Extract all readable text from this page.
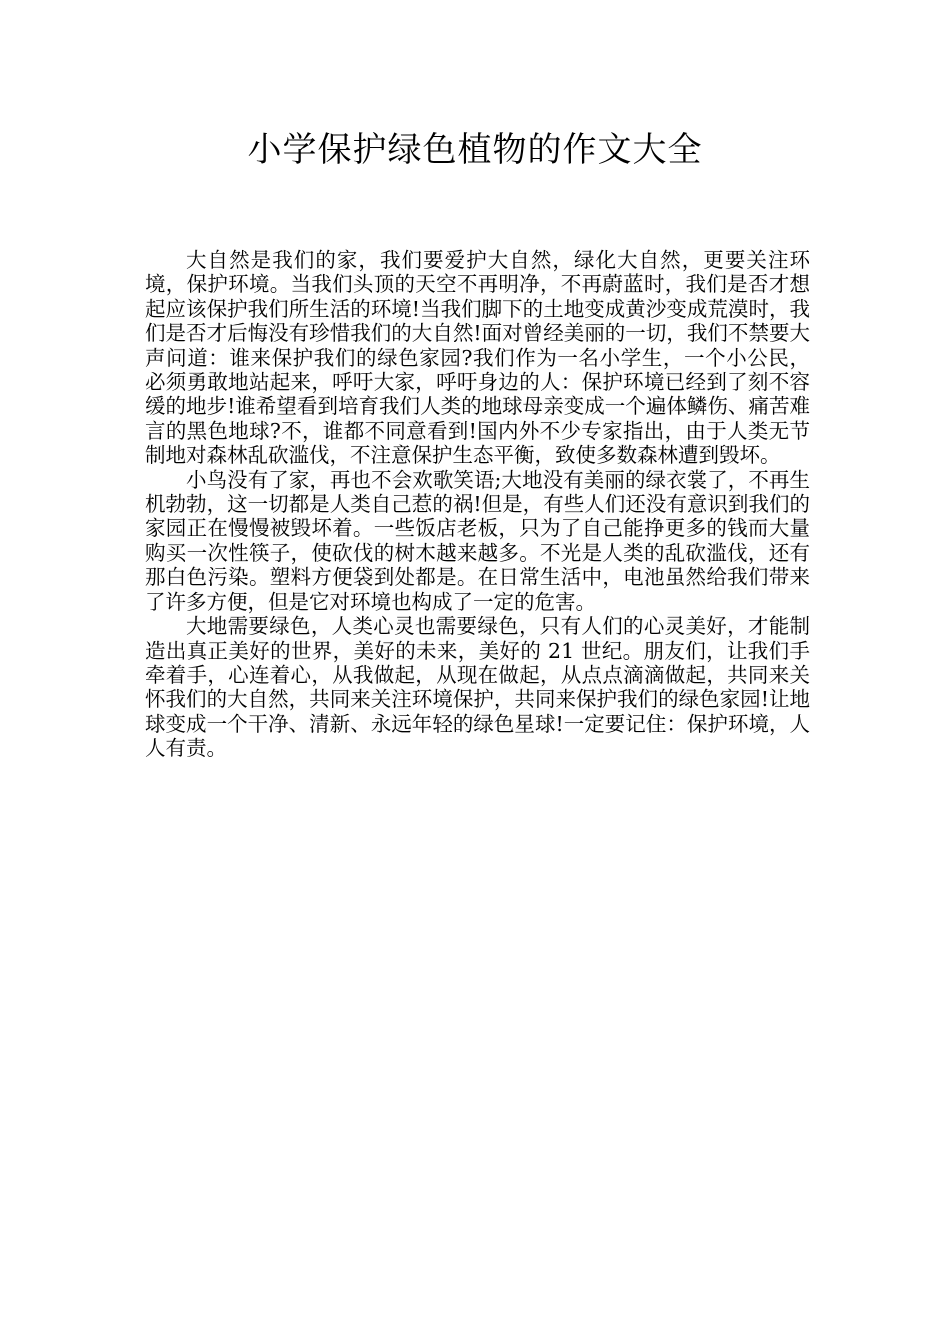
小学保护绿色植物的作文大全

大自然是我们的家，我们要爱护大自然，绿化大自然，更要关注环境，保护环境。当我们头顶的天空不再明净，不再蔚蓝时，我们是否才想起应该保护我们所生活的环境!当我们脚下的土地变成黄沙变成荒漠时，我们是否才后悔没有珍惜我们的大自然!面对曾经美丽的一切，我们不禁要大声问道：谁来保护我们的绿色家园?我们作为一名小学生，一个小公民，必须勇敢地站起来，呼吁大家，呼吁身边的人：保护环境已经到了刻不容缓的地步!谁希望看到培育我们人类的地球母亲变成一个遍体鳞伤、痛苦难言的黑色地球?不，谁都不同意看到!国内外不少专家指出，由于人类无节制地对森林乱砍滥伐，不注意保护生态平衡，致使多数森林遭到毁坏。

小鸟没有了家，再也不会欢歌笑语;大地没有美丽的绿衣裳了，不再生机勃勃，这一切都是人类自己惹的祸!但是，有些人们还没有意识到我们的家园正在慢慢被毁坏着。一些饭店老板，只为了自己能挣更多的钱而大量购买一次性筷子，使砍伐的树木越来越多。不光是人类的乱砍滥伐，还有那白色污染。塑料方便袋到处都是。在日常生活中，电池虽然给我们带来了许多方便，但是它对环境也构成了一定的危害。

大地需要绿色，人类心灵也需要绿色，只有人们的心灵美好，才能制造出真正美好的世界，美好的未来，美好的 21 世纪。朋友们，让我们手牵着手，心连着心，从我做起，从现在做起，从点点滴滴做起，共同来关怀我们的大自然，共同来关注环境保护，共同来保护我们的绿色家园!让地球变成一个干净、清新、永远年轻的绿色星球!一定要记住：保护环境，人人有责。
